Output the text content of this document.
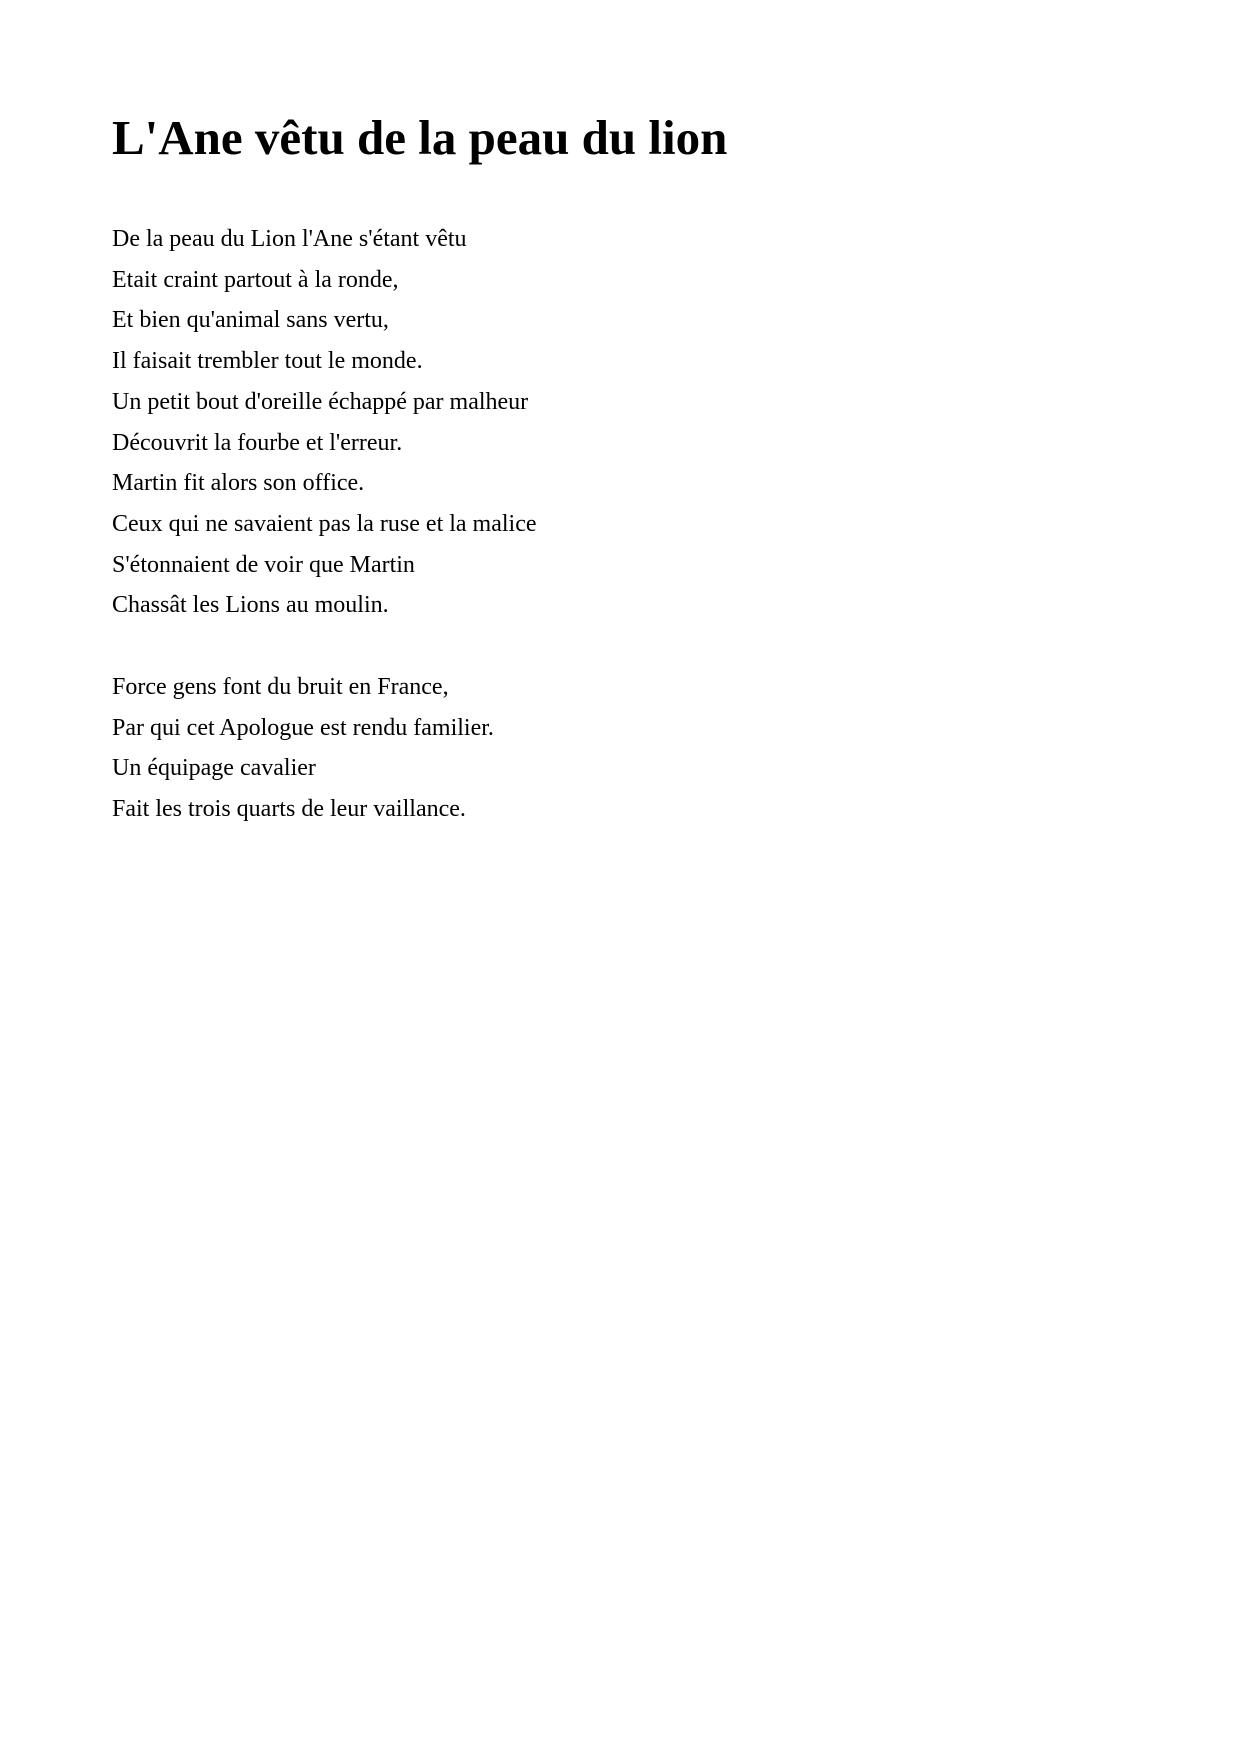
L'Ane vêtu de la peau du lion
De la peau du Lion l'Ane s'étant vêtu
Etait craint partout à la ronde,
Et bien qu'animal sans vertu,
Il faisait trembler tout le monde.
Un petit bout d'oreille échappé par malheur
Découvrit la fourbe et l'erreur.
Martin fit alors son office.
Ceux qui ne savaient pas la ruse et la malice
S'étonnaient de voir que Martin
Chassât les Lions au moulin.
Force gens font du bruit en France,
Par qui cet Apologue est rendu familier.
Un équipage cavalier
Fait les trois quarts de leur vaillance.
